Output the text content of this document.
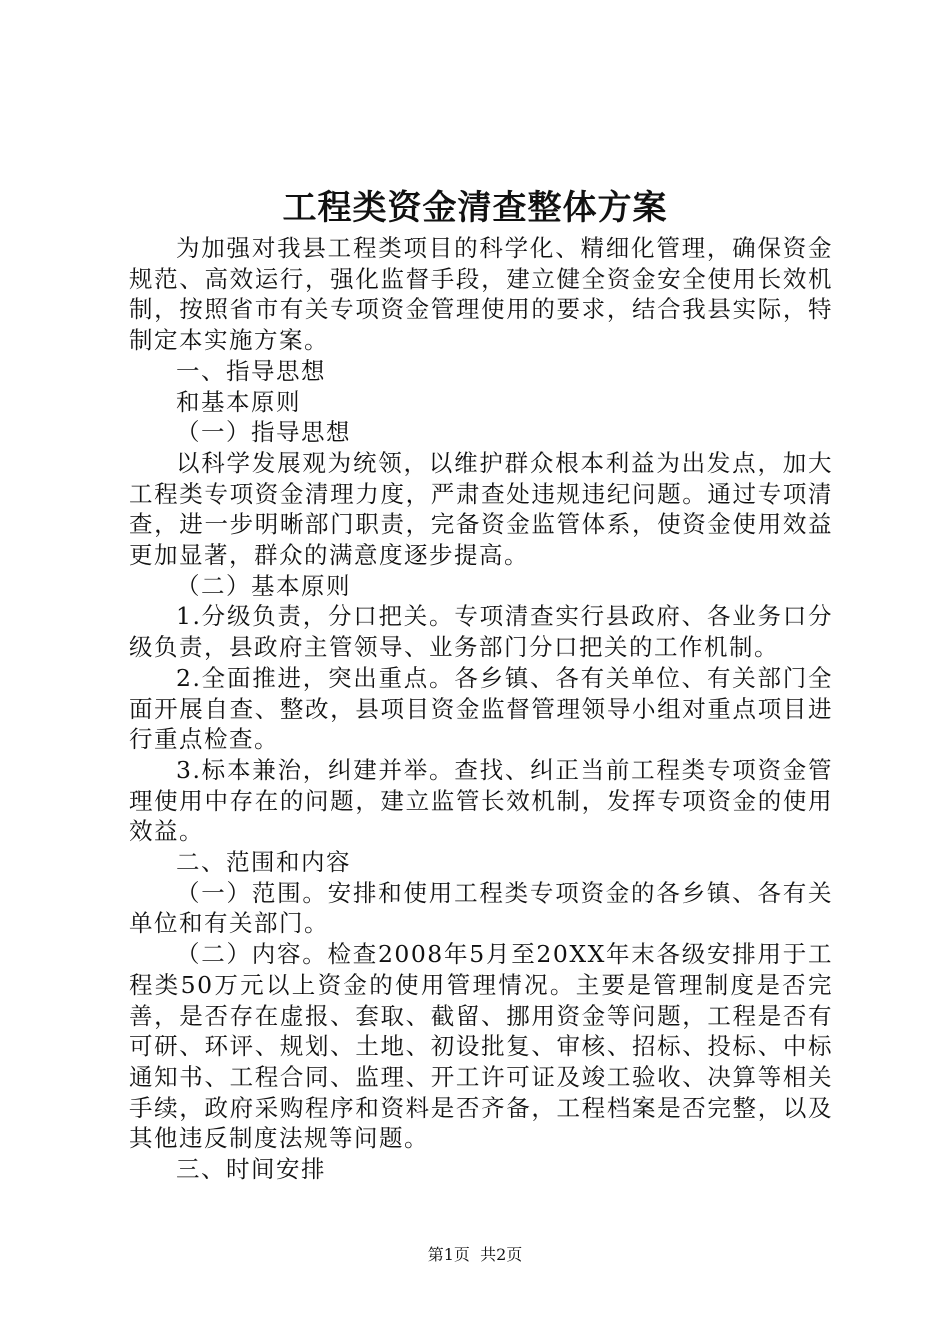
工程类资金清查整体方案

为加强对我县工程类项目的科学化、精细化管理，确保资金规范、高效运行，强化监督手段，建立健全资金安全使用长效机制，按照省市有关专项资金管理使用的要求，结合我县实际，特制定本实施方案。

一、指导思想

和基本原则

（一）指导思想

以科学发展观为统领，以维护群众根本利益为出发点，加大工程类专项资金清理力度，严肃查处违规违纪问题。通过专项清查，进一步明晰部门职责，完备资金监管体系，使资金使用效益更加显著，群众的满意度逐步提高。

（二）基本原则

1.分级负责，分口把关。专项清查实行县政府、各业务口分级负责，县政府主管领导、业务部门分口把关的工作机制。

2.全面推进，突出重点。各乡镇、各有关单位、有关部门全面开展自查、整改，县项目资金监督管理领导小组对重点项目进行重点检查。

3.标本兼治，纠建并举。查找、纠正当前工程类专项资金管理使用中存在的问题，建立监管长效机制，发挥专项资金的使用效益。

二、范围和内容

（一）范围。安排和使用工程类专项资金的各乡镇、各有关单位和有关部门。

（二）内容。检查2008年5月至20XX年末各级安排用于工程类50万元以上资金的使用管理情况。主要是管理制度是否完善，是否存在虚报、套取、截留、挪用资金等问题，工程是否有可研、环评、规划、土地、初设批复、审核、招标、投标、中标通知书、工程合同、监理、开工许可证及竣工验收、决算等相关手续，政府采购程序和资料是否齐备，工程档案是否完整，以及其他违反制度法规等问题。

三、时间安排

第1页 共2页
